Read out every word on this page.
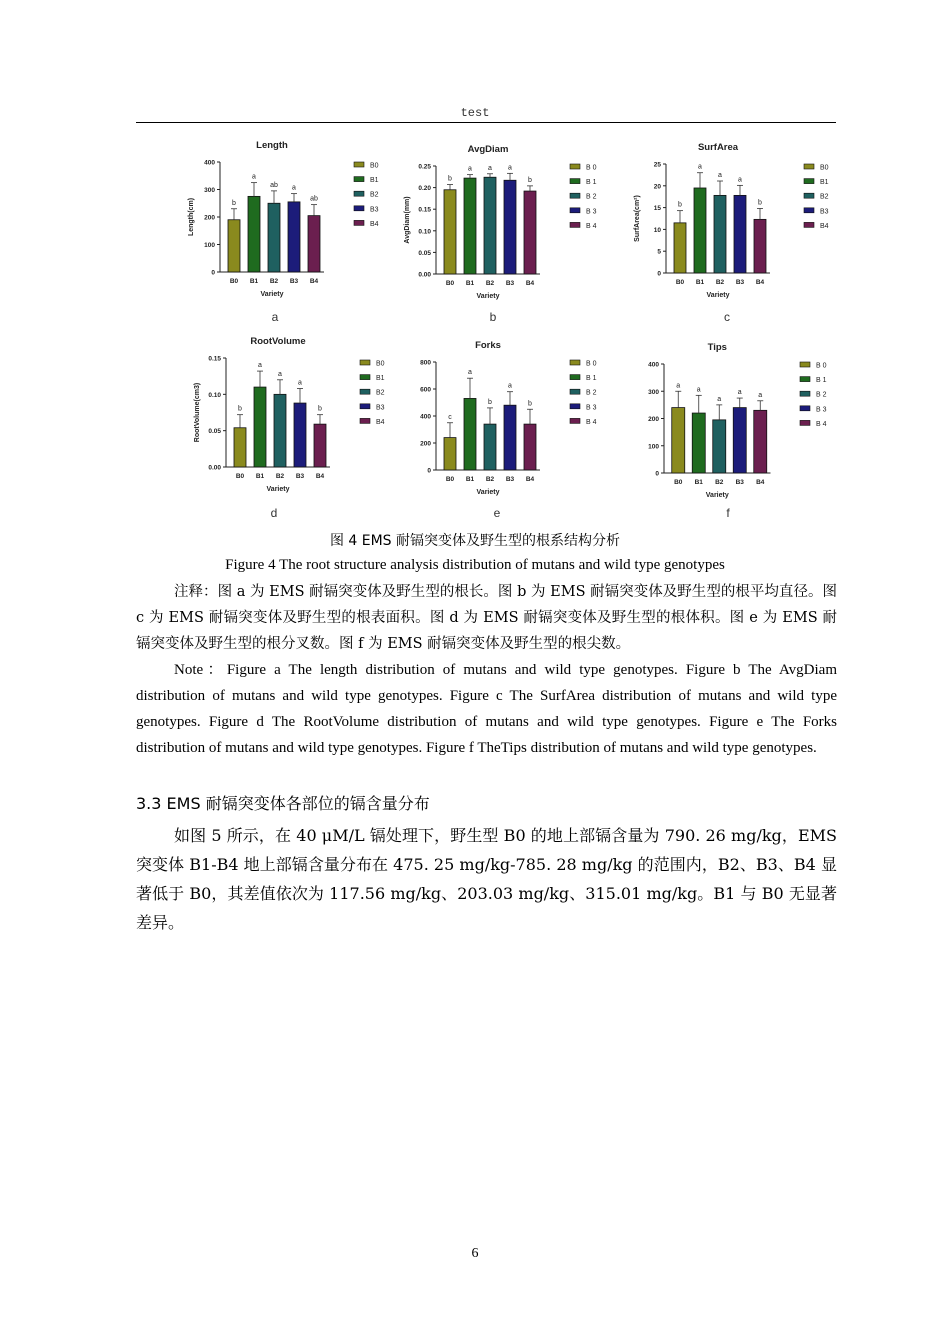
test
Length
0
100
200
300
400
Length(cm)	b
B0
a
B1
ab
B2
a
B3
ab
B4
Variety
B0
B1
B2
B3
B4
AvgDiam
0.00
0.05
0.10
0.15
0.20
0.25
AvgDiam(mm)
b
B0
a
B1
a
B2
a
B3
b
B4
Variety
B 0
B 1
B 2
B 3
B 4
SurfArea
0
5
10
15
20
25
SurfArea(cm²)	b
B0
a
B1
a
B2
a
B3
b
B4
Variety
B0
B1
B2
B3
B4
RootVolume
0.00
0.05
0.10
0.15
RootVolume(cm3)	b
B0
a
B1
a
B2
a
B3
b
B4
Variety
B0
B1
B2
B3
B4
Forks
0
200
400
600
800
c
B0
a
B1
b
B2
a
B3
b
B4
Variety
B 0
B 1
B 2
B 3
B 4
Tips
0
100
200
300
400
a
B0
a
B1
a
B2
a
B3
a
B4
Variety
B 0
B 1
B 2
B 3
B 4
a	b	c
d	e	f
图 4 EMS 耐镉突变体及野生型的根系结构分析
Figure 4 The root structure analysis distribution of mutans and wild type genotypes

注释：图 a 为 EMS 耐镉突变体及野生型的根长。图 b 为 EMS 耐镉突变体及野生型的根平均直径。图 c 为 EMS 耐镉突变体及野生型的根表面积。图 d 为 EMS 耐镉突变体及野生型的根体积。图 e 为 EMS 耐镉突变体及野生型的根分叉数。图 f 为 EMS 耐镉突变体及野生型的根尖数。

Note：Figure a The length distribution of mutans and wild type genotypes. Figure b The AvgDiam distribution of mutans and wild type genotypes. Figure c The SurfArea distribution of mutans and wild type genotypes. Figure d The RootVolume distribution of mutans and wild type genotypes. Figure e The Forks distribution of mutans and wild type genotypes. Figure f TheTips distribution of mutans and wild type genotypes.

3.3 EMS 耐镉突变体各部位的镉含量分布

如图 5 所示，在 40 μM/L 镉处理下，野生型 B0 的地上部镉含量为 790. 26 mg/kg，EMS 突变体 B1-B4 地上部镉含量分布在 475. 25 mg/kg-785. 28 mg/kg 的范围内，B2、B3、B4 显著低于 B0，其差值依次为 117.56 mg/kg、203.03 mg/kg、315.01 mg/kg。B1 与 B0 无显著差异。

6
